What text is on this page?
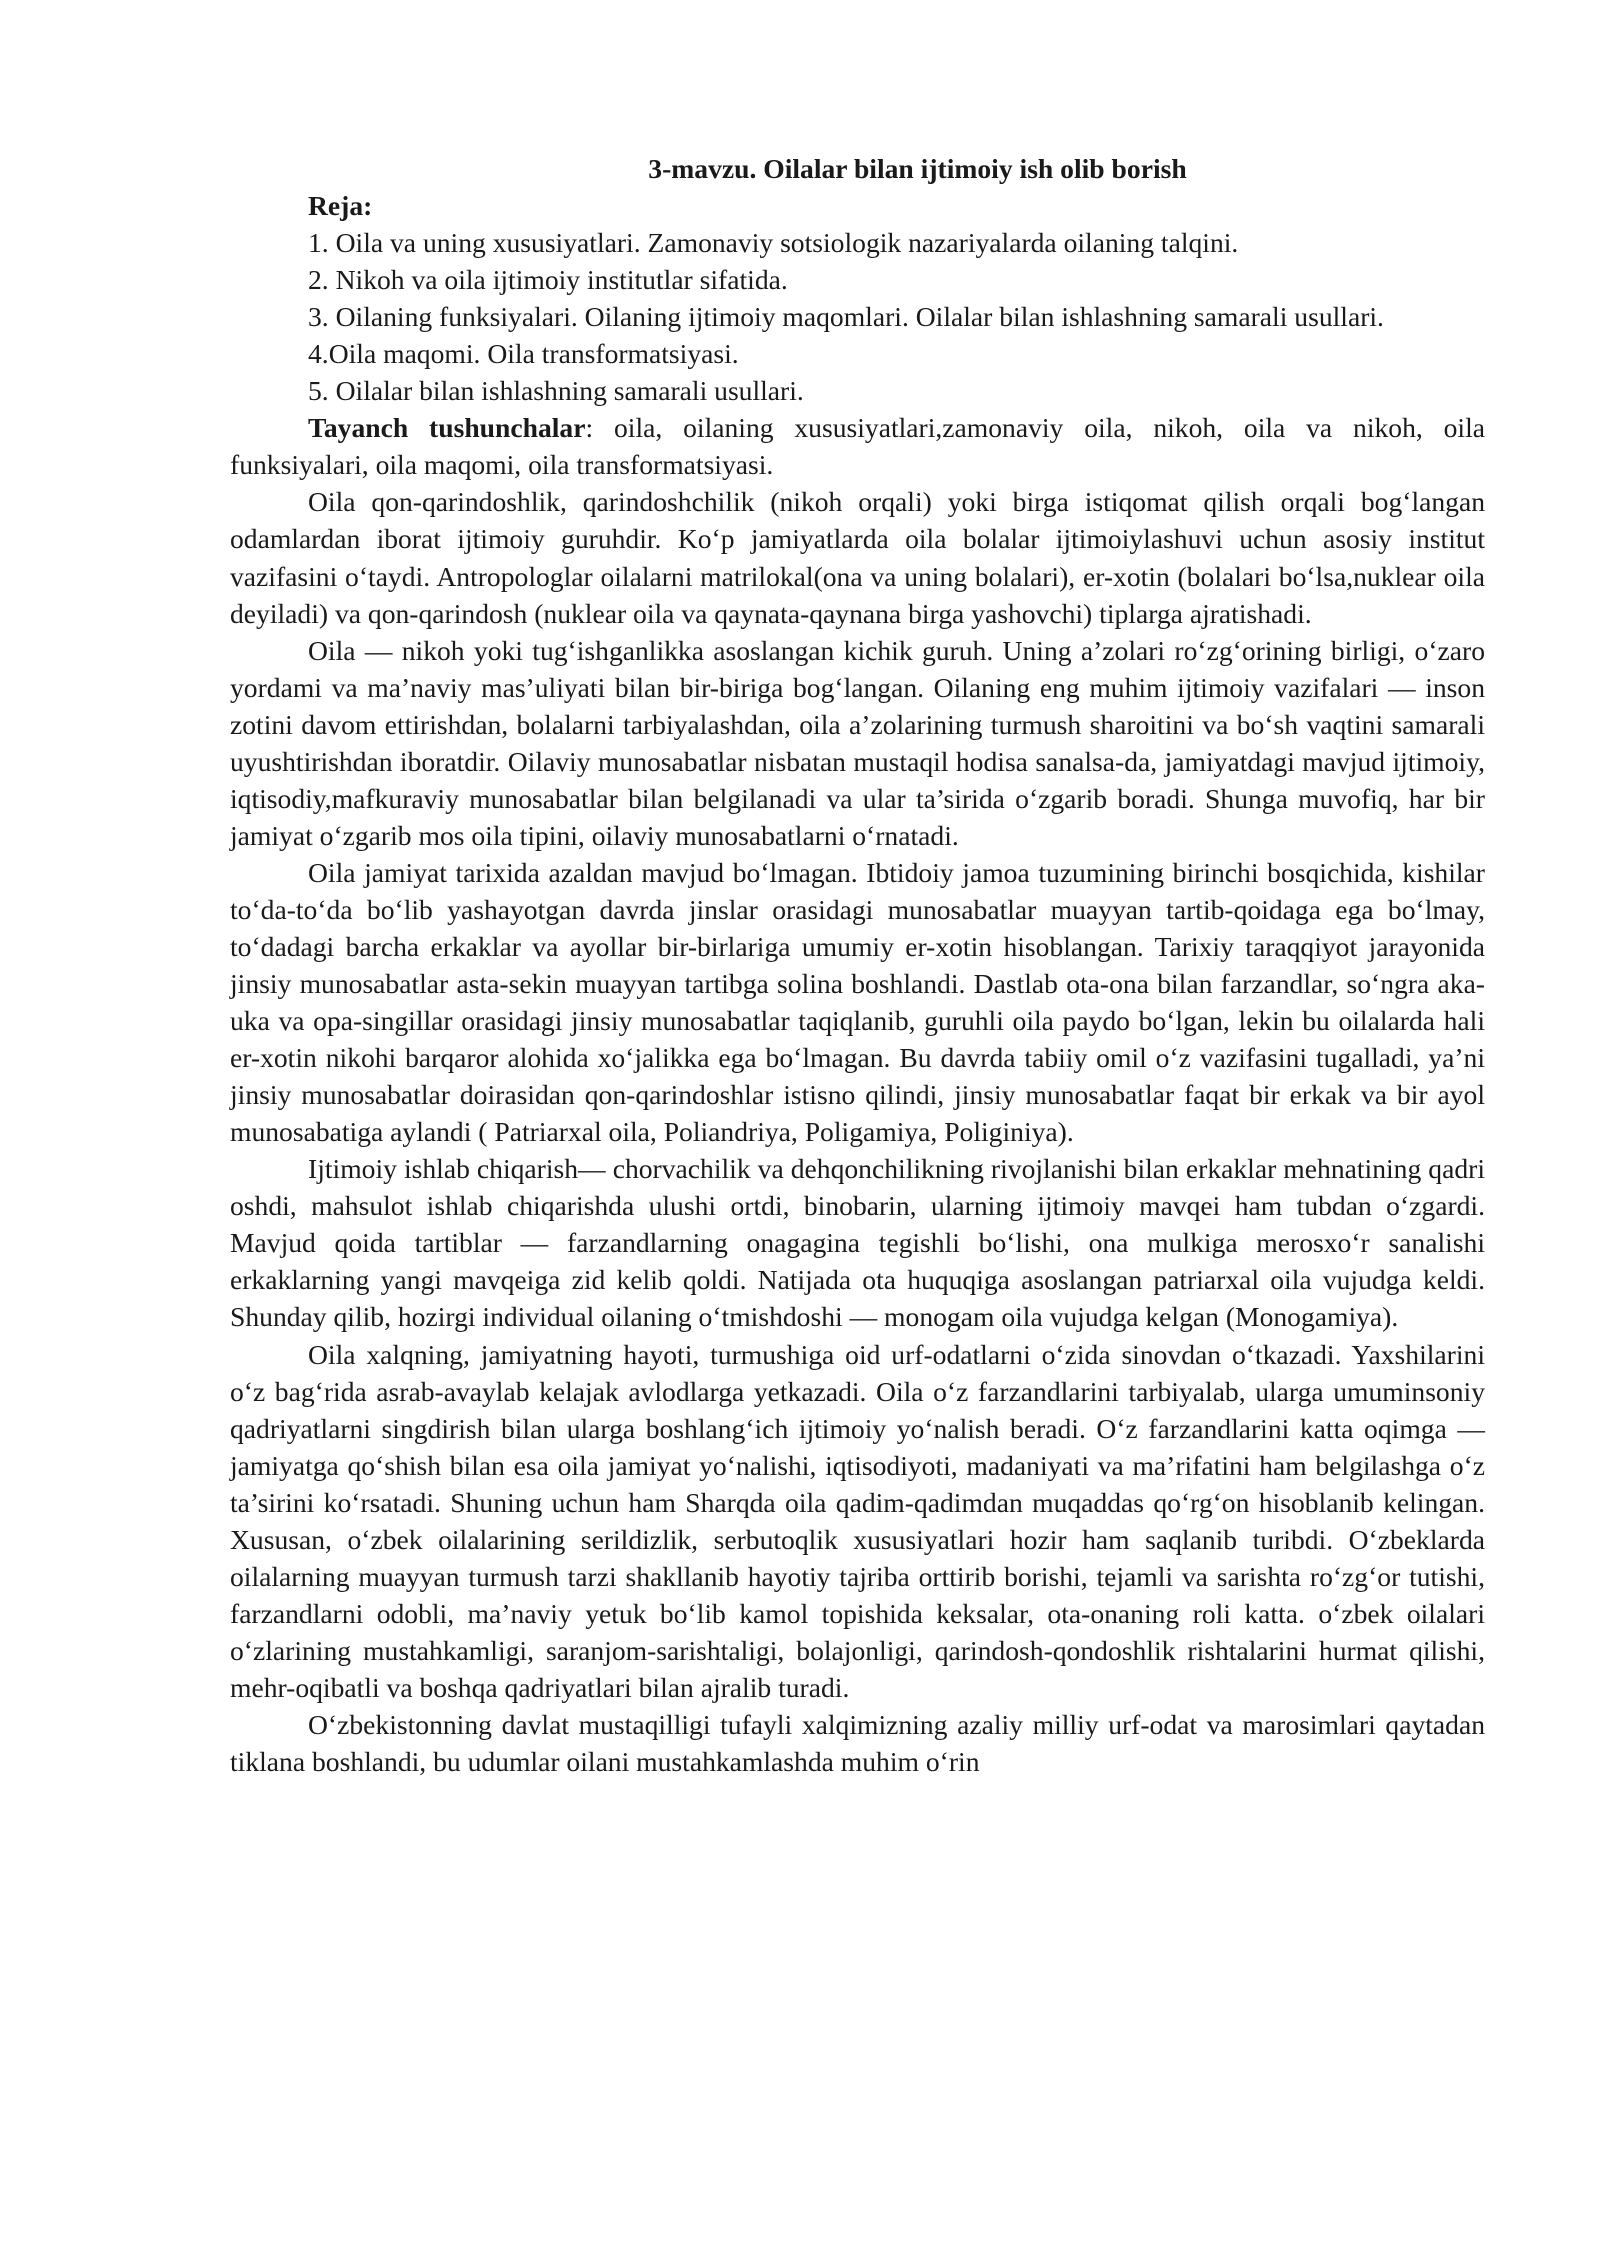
3-mavzu. Oilalar bilan ijtimoiy ish olib borish

Reja:

1. Oila va uning xususiyatlari. Zamonaviy sotsiologik nazariyalarda oilaning talqini.
2. Nikoh va oila ijtimoiy institutlar sifatida.
3. Oilaning funksiyalari. Oilaning ijtimoiy maqomlari. Oilalar bilan ishlashning samarali usullari.
4.Oila maqomi. Oila transformatsiyasi.
5. Oilalar bilan ishlashning samarali usullari.

Tayanch tushunchalar: oila, oilaning xususiyatlari,zamonaviy oila, nikoh, oila va nikoh, oila funksiyalari, oila maqomi, oila transformatsiyasi.

Oila qon-qarindoshlik, qarindoshchilik (nikoh orqali) yoki birga istiqomat qilish orqali bog‘langan odamlardan iborat ijtimoiy guruhdir. Ko‘p jamiyatlarda oila bolalar ijtimoiylashuvi uchun asosiy institut vazifasini o‘taydi. Antropologlar oilalarni matrilokal(ona va uning bolalari), er-xotin (bolalari bo‘lsa,nuklear oila deyiladi) va qon-qarindosh (nuklear oila va qaynata-qaynana birga yashovchi) tiplarga ajratishadi.

Oila — nikoh yoki tug‘ishganlikka asoslangan kichik guruh. Uning a’zolari ro‘zg‘orining birligi, o‘zaro yordami va ma’naviy mas’uliyati bilan bir-biriga bog‘langan. Oilaning eng muhim ijtimoiy vazifalari — inson zotini davom ettirishdan, bolalarni tarbiyalashdan, oila a’zolarining turmush sharoitini va bo‘sh vaqtini samarali uyushtirishdan iboratdir. Oilaviy munosabatlar nisbatan mustaqil hodisa sanalsa-da, jamiyatdagi mavjud ijtimoiy, iqtisodiy,mafkuraviy munosabatlar bilan belgilanadi va ular ta’sirida o‘zgarib boradi. Shunga muvofiq, har bir jamiyat o‘zgarib mos oila tipini, oilaviy munosabatlarni o‘rnatadi.

Oila jamiyat tarixida azaldan mavjud bo‘lmagan. Ibtidoiy jamoa tuzumining birinchi bosqichida, kishilar to‘da-to‘da bo‘lib yashayotgan davrda jinslar orasidagi munosabatlar muayyan tartib-qoidaga ega bo‘lmay, to‘dadagi barcha erkaklar va ayollar bir-birlariga umumiy er-xotin hisoblangan. Tarixiy taraqqiyot jarayonida jinsiy munosabatlar asta-sekin muayyan tartibga solina boshlandi. Dastlab ota-ona bilan farzandlar, so‘ngra aka-uka va opa-singillar orasidagi jinsiy munosabatlar taqiqlanib, guruhli oila paydo bo‘lgan, lekin bu oilalarda hali er-xotin nikohi barqaror alohida xo‘jalikka ega bo‘lmagan. Bu davrda tabiiy omil o‘z vazifasini tugalladi, ya’ni jinsiy munosabatlar doirasidan qon-qarindoshlar istisno qilindi, jinsiy munosabatlar faqat bir erkak va bir ayol munosabatiga aylandi ( Patriarxal oila, Poliandriya, Poligamiya, Poliginiya).

Ijtimoiy ishlab chiqarish— chorvachilik va dehqonchilikning rivojlanishi bilan erkaklar mehnatining qadri oshdi, mahsulot ishlab chiqarishda ulushi ortdi, binobarin, ularning ijtimoiy mavqei ham tubdan o‘zgardi. Mavjud qoida tartiblar — farzandlarning onagagina tegishli bo‘lishi, ona mulkiga merosxo‘r sanalishi erkaklarning yangi mavqeiga zid kelib qoldi. Natijada ota huquqiga asoslangan patriarxal oila vujudga keldi. Shunday qilib, hozirgi individual oilaning o‘tmishdoshi — monogam oila vujudga kelgan (Monogamiya).

Oila xalqning, jamiyatning hayoti, turmushiga oid urf-odatlarni o‘zida sinovdan o‘tkazadi. Yaxshilarini o‘z bag‘rida asrab-avaylab kelajak avlodlarga yetkazadi. Oila o‘z farzandlarini tarbiyalab, ularga umuminsoniy qadriyatlarni singdirish bilan ularga boshlang‘ich ijtimoiy yo‘nalish beradi. O‘z farzandlarini katta oqimga — jamiyatga qo‘shish bilan esa oila jamiyat yo‘nalishi, iqtisodiyoti, madaniyati va ma’rifatini ham belgilashga o‘z ta’sirini ko‘rsatadi. Shuning uchun ham Sharqda oila qadim-qadimdan muqaddas qo‘rg‘on hisoblanib kelingan. Xususan, o‘zbek oilalarining serildizlik, serbutoqlik xususiyatlari hozir ham saqlanib turibdi. O‘zbeklarda oilalarning muayyan turmush tarzi shakllanib hayotiy tajriba orttirib borishi, tejamli va sarishta ro‘zg‘or tutishi, farzandlarni odobli, ma’naviy yetuk bo‘lib kamol topishida keksalar, ota-onaning roli katta. o‘zbek oilalari o‘zlarining mustahkamligi, saranjom-sarishtaligi, bolajonligi, qarindosh-qondoshlik rishtalarini hurmat qilishi, mehr-oqibatli va boshqa qadriyatlari bilan ajralib turadi.

O‘zbekistonning davlat mustaqilligi tufayli xalqimizning azaliy milliy urf-odat va marosimlari qaytadan tiklana boshlandi, bu udumlar oilani mustahkamlashda muhim o‘rin
